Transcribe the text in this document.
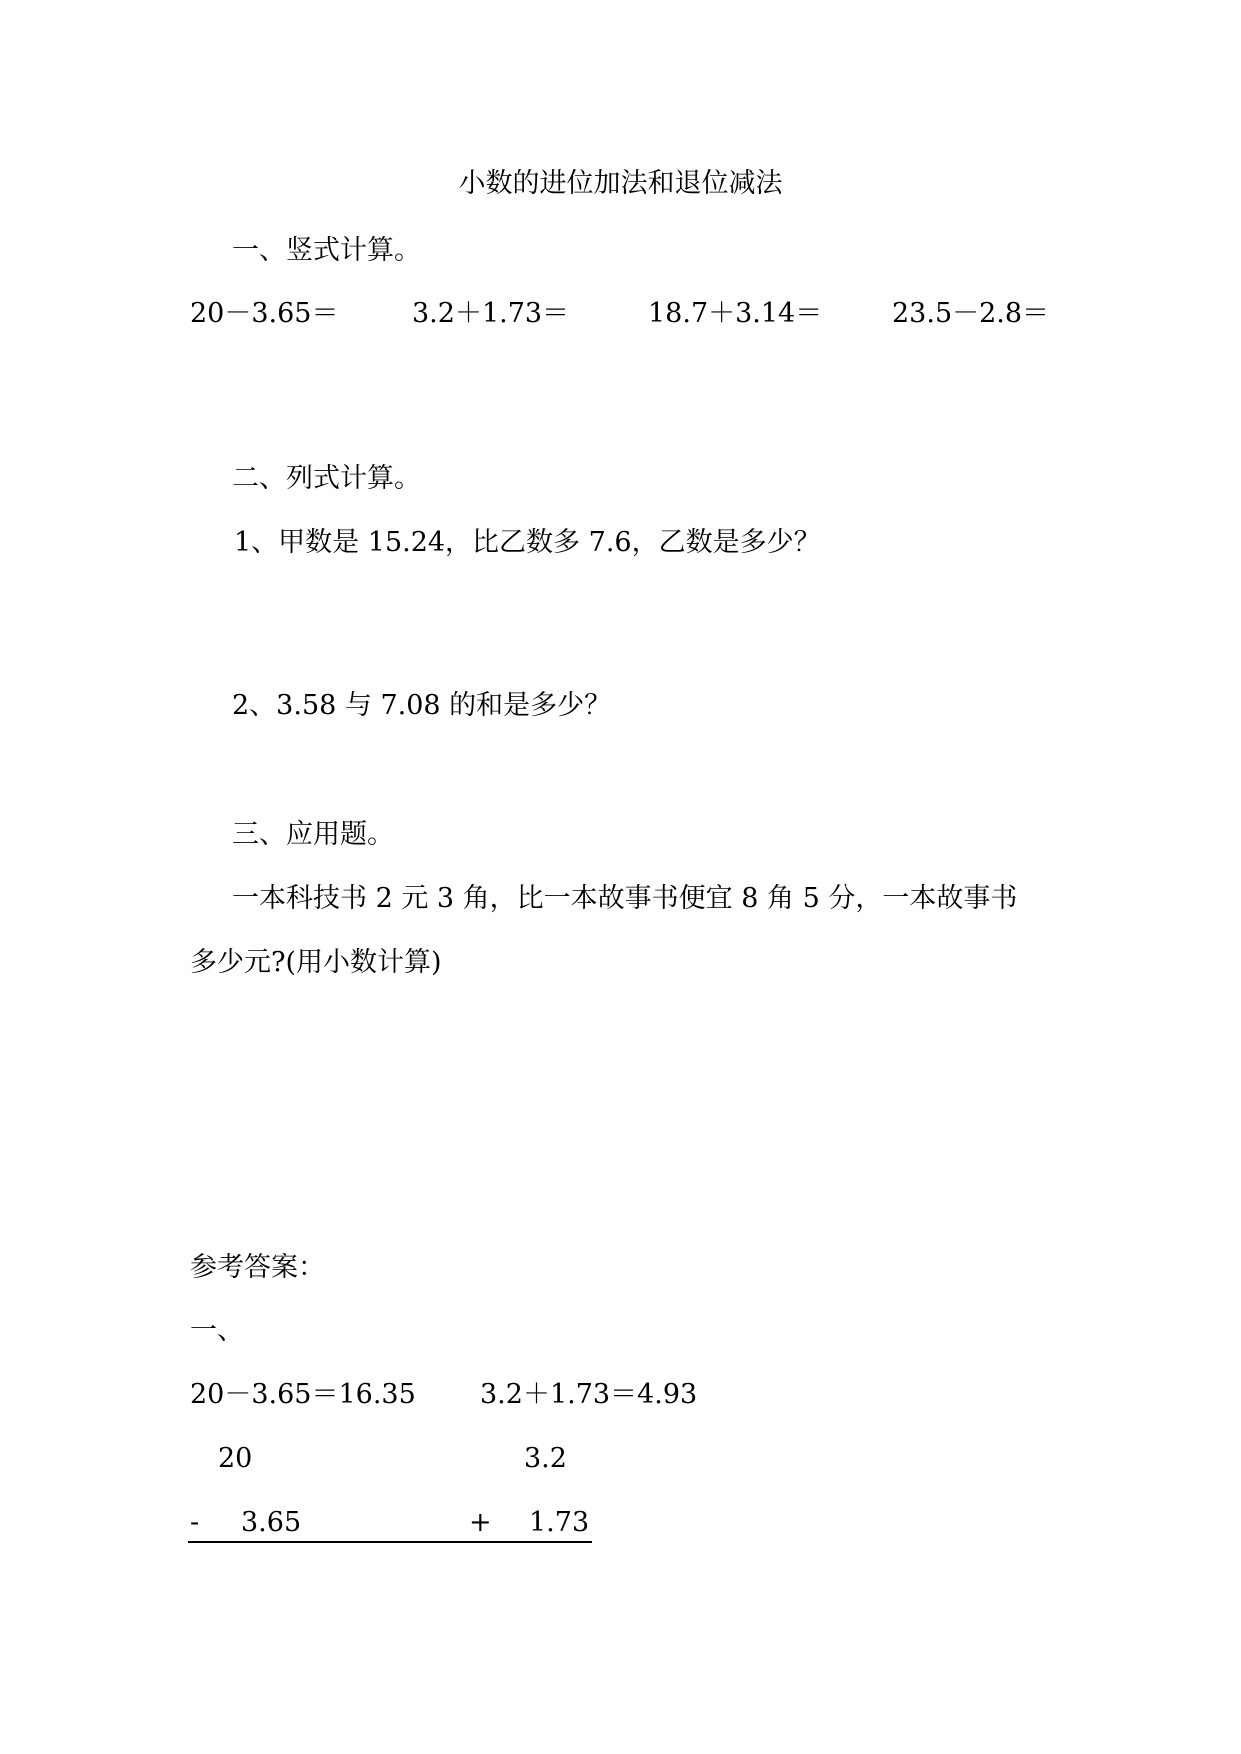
小数的进位加法和退位减法
一、竖式计算。
20－3.65＝	3.2＋1.73＝	18.7＋3.14＝	23.5－2.8＝
二、列式计算。
1、甲数是 15.24，比乙数多 7.6，乙数是多少？
2、3.58 与 7.08 的和是多少？
三、应用题。
一本科技书 2 元 3 角，比一本故事书便宜 8 角 5 分，一本故事书
多少元?(用小数计算)
参考答案：
一、
20－3.65＝16.35 3.2＋1.73＝4.93
20	3.2
- 3.65	+ 1.73
